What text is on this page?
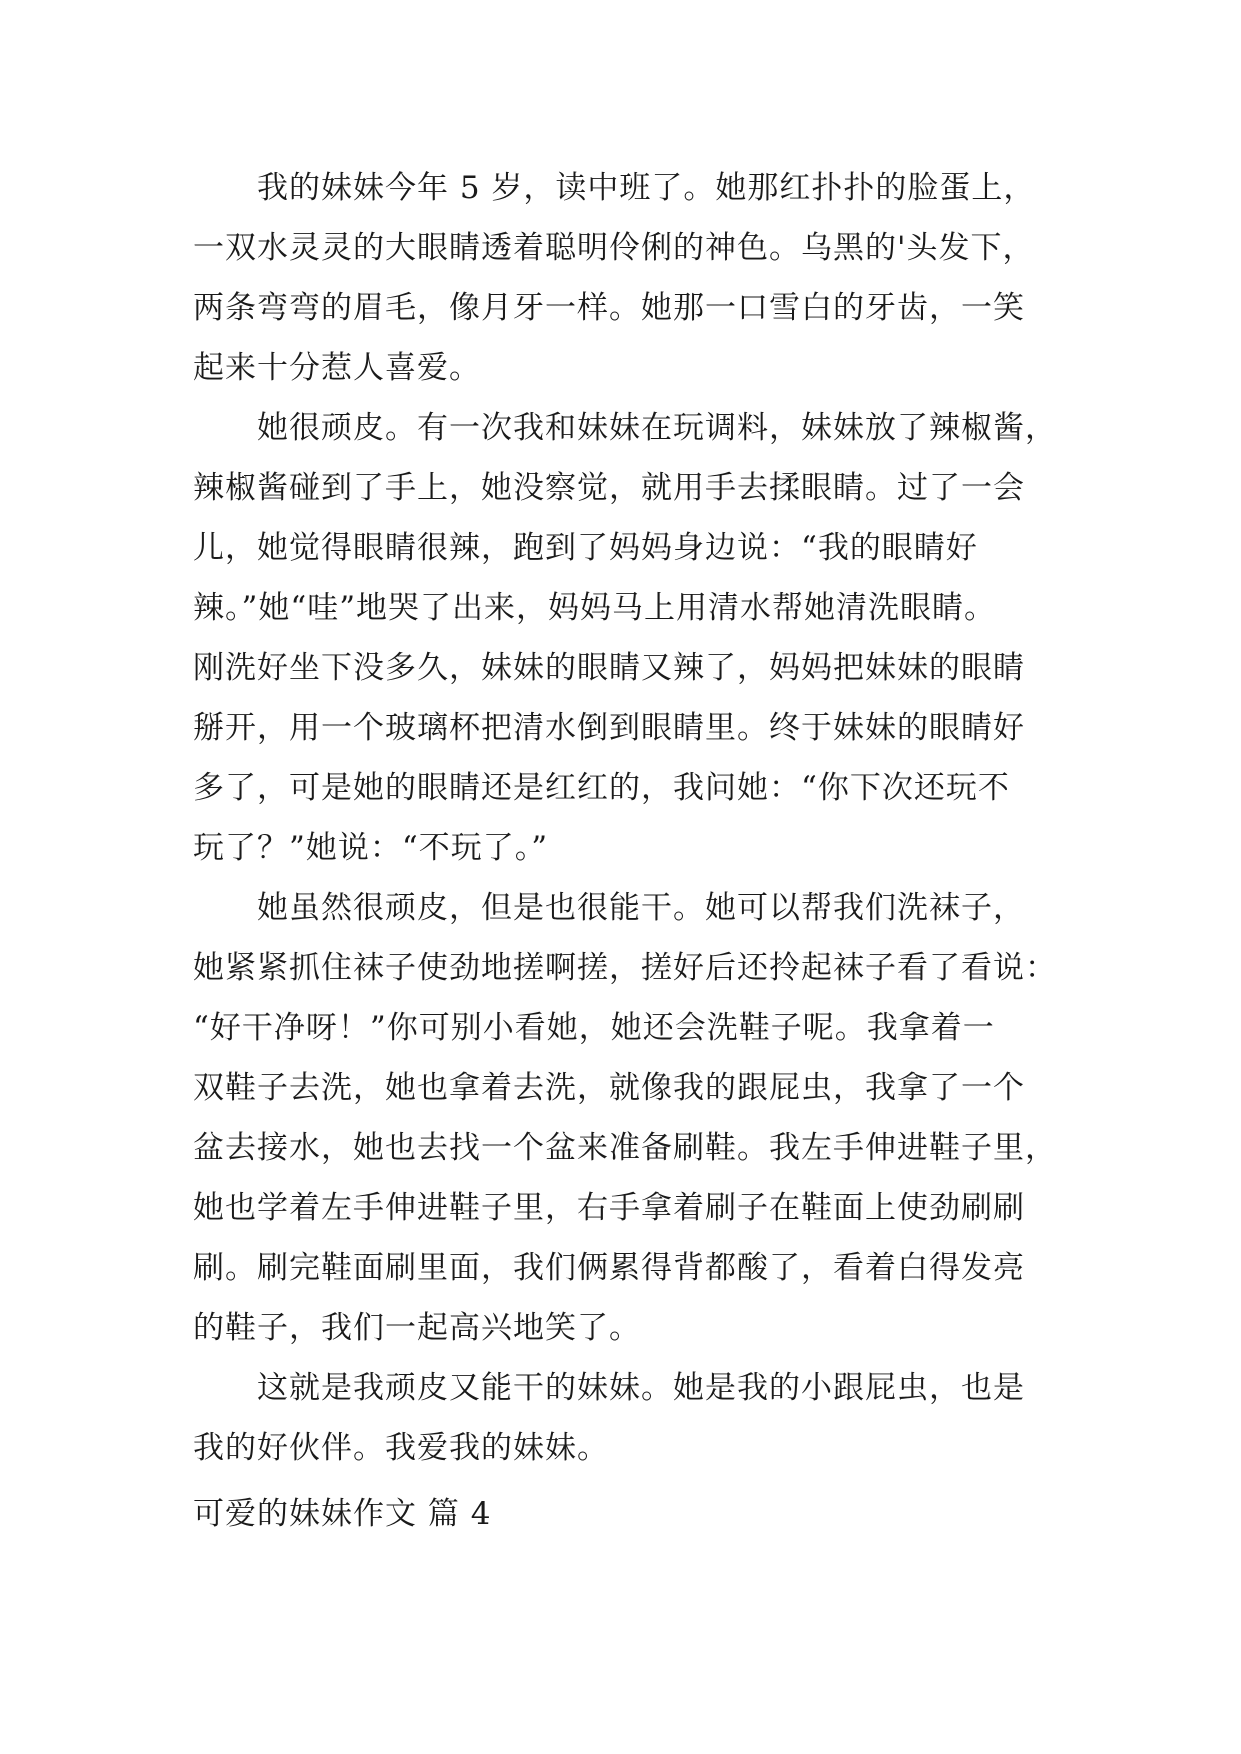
我的妹妹今年 5 岁，读中班了。她那红扑扑的脸蛋上，
一双水灵灵的大眼睛透着聪明伶俐的神色。乌黑的'头发下，
两条弯弯的眉毛，像月牙一样。她那一口雪白的牙齿，一笑
起来十分惹人喜爱。
她很顽皮。有一次我和妹妹在玩调料，妹妹放了辣椒酱，
辣椒酱碰到了手上，她没察觉，就用手去揉眼睛。过了一会
儿，她觉得眼睛很辣，跑到了妈妈身边说：“我的眼睛好
辣。”她“哇”地哭了出来，妈妈马上用清水帮她清洗眼睛。
刚洗好坐下没多久，妹妹的眼睛又辣了，妈妈把妹妹的眼睛
掰开，用一个玻璃杯把清水倒到眼睛里。终于妹妹的眼睛好
多了，可是她的眼睛还是红红的，我问她：“你下次还玩不
玩了？”她说：“不玩了。”
她虽然很顽皮，但是也很能干。她可以帮我们洗袜子，
她紧紧抓住袜子使劲地搓啊搓，搓好后还拎起袜子看了看说：
“好干净呀！”你可别小看她，她还会洗鞋子呢。我拿着一
双鞋子去洗，她也拿着去洗，就像我的跟屁虫，我拿了一个
盆去接水，她也去找一个盆来准备刷鞋。我左手伸进鞋子里，
她也学着左手伸进鞋子里，右手拿着刷子在鞋面上使劲刷刷
刷。刷完鞋面刷里面，我们俩累得背都酸了，看着白得发亮
的鞋子，我们一起高兴地笑了。
这就是我顽皮又能干的妹妹。她是我的小跟屁虫，也是
我的好伙伴。我爱我的妹妹。
可爱的妹妹作文 篇 4
